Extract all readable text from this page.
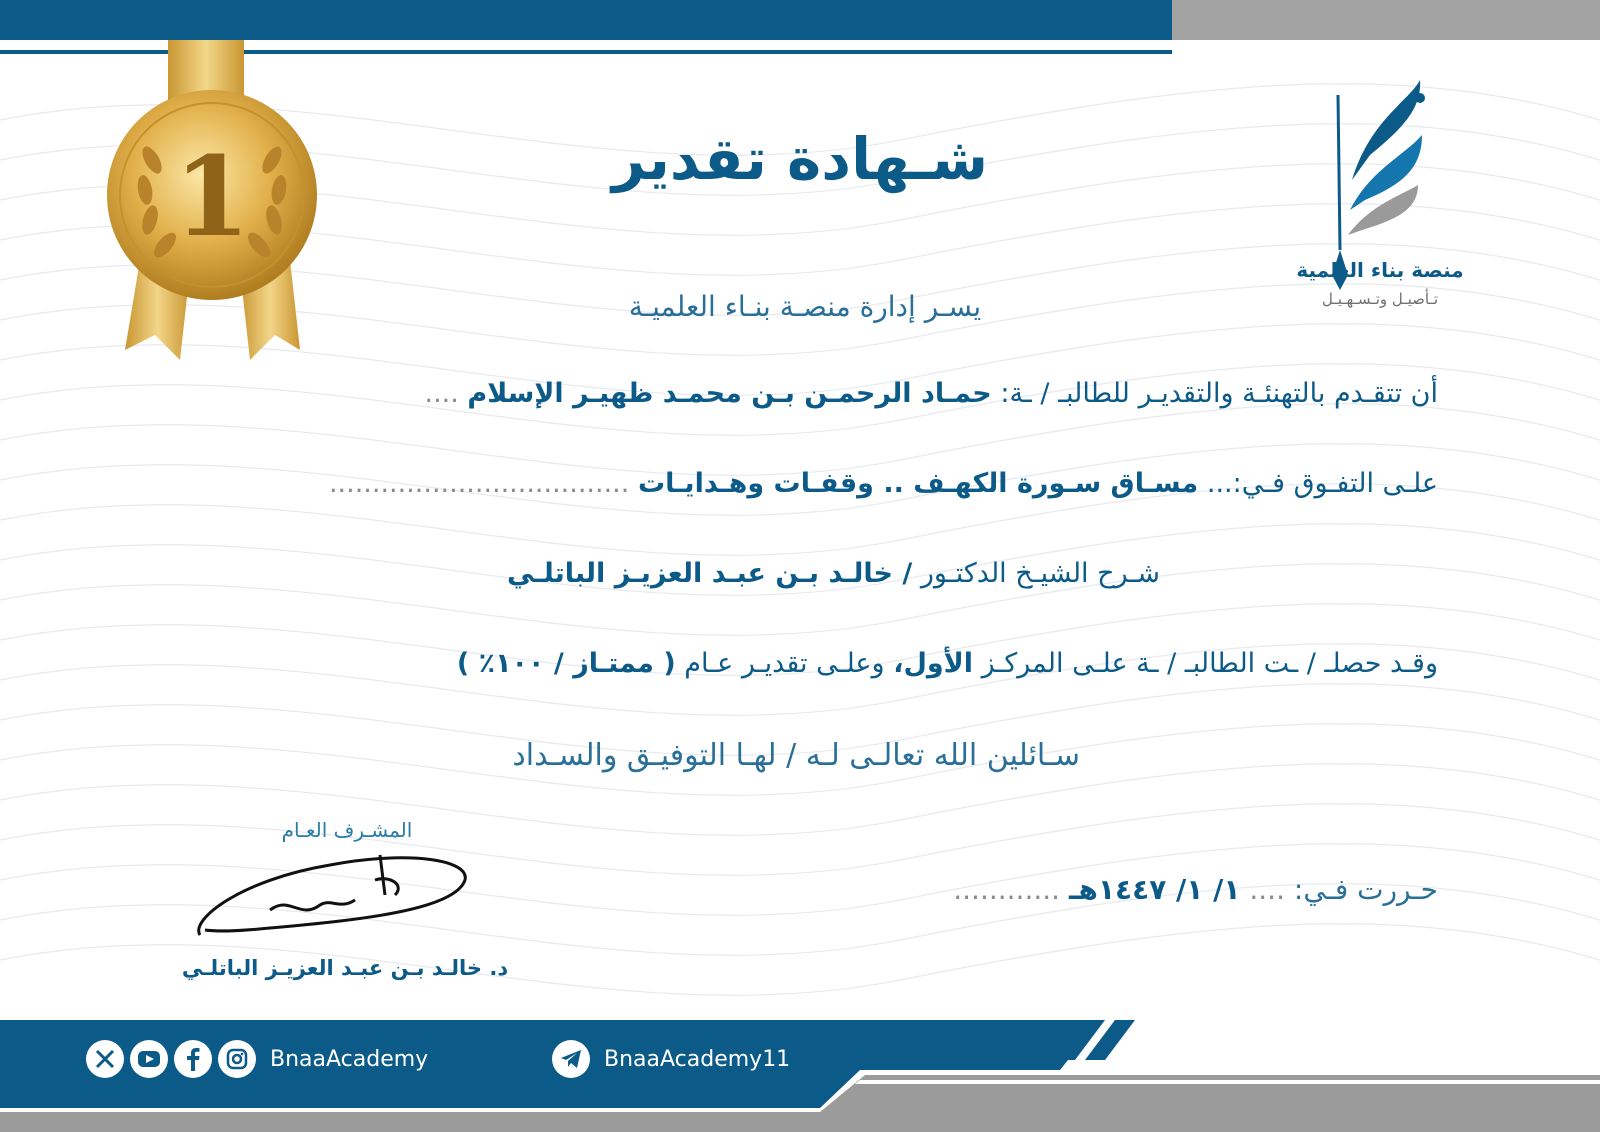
1
منصة بناء العلمية
تـأصيـل وتـسـهـيـل
شـهادة تقدير
يسـر إدارة منصـة بنـاء العلميـة
أن تتقـدم بالتهنئـة والتقديـر للطالبـ / ـة: حمـاد الرحمـن بـن محمـد ظهيـر الإسلام ....
علـى التفـوق فـي:... مسـاق سـورة الكهـف .. وقفـات وهـدايـات ...................................
شـرح الشيـخ الدكتـور / خالـد بـن عبـد العزيـز الباتلـي
وقـد حصلـ / ـت الطالبـ / ـة علـى المركـز الأول، وعلـى تقديـر عـام ( ممتـاز / ١٠٠٪ )
سـائلين الله تعالـى لـه / لهـا التوفيـق والسـداد
حـررت فـي: .... ١/ ١/ ١٤٤٧هـ ............
المشـرف العـام
د. خالـد بـن عبـد العزيـز الباتلـي
BnaaAcademy	BnaaAcademy11
